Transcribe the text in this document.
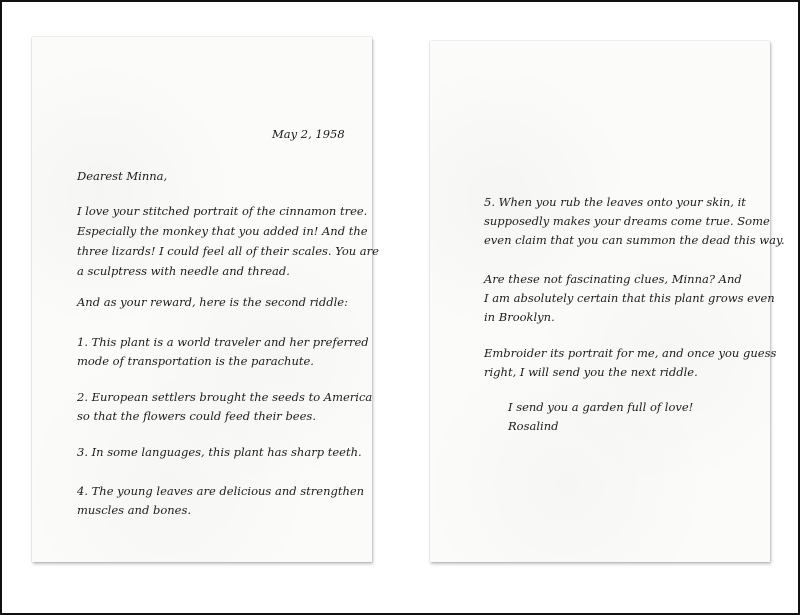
May 2, 1958
Dearest Minna,
I love your stitched portrait of the cinnamon tree.
Especially the monkey that you added in! And the
three lizards! I could feel all of their scales. You are
a sculptress with needle and thread.
And as your reward, here is the second riddle:
1. This plant is a world traveler and her preferred
mode of transportation is the parachute.
2. European settlers brought the seeds to America
so that the flowers could feed their bees.
3. In some languages, this plant has sharp teeth.
4. The young leaves are delicious and strengthen
muscles and bones.
5. When you rub the leaves onto your skin, it
supposedly makes your dreams come true. Some
even claim that you can summon the dead this way.
Are these not fascinating clues, Minna? And
I am absolutely certain that this plant grows even
in Brooklyn.
Embroider its portrait for me, and once you guess
right, I will send you the next riddle.
I send you a garden full of love!
Rosalind
